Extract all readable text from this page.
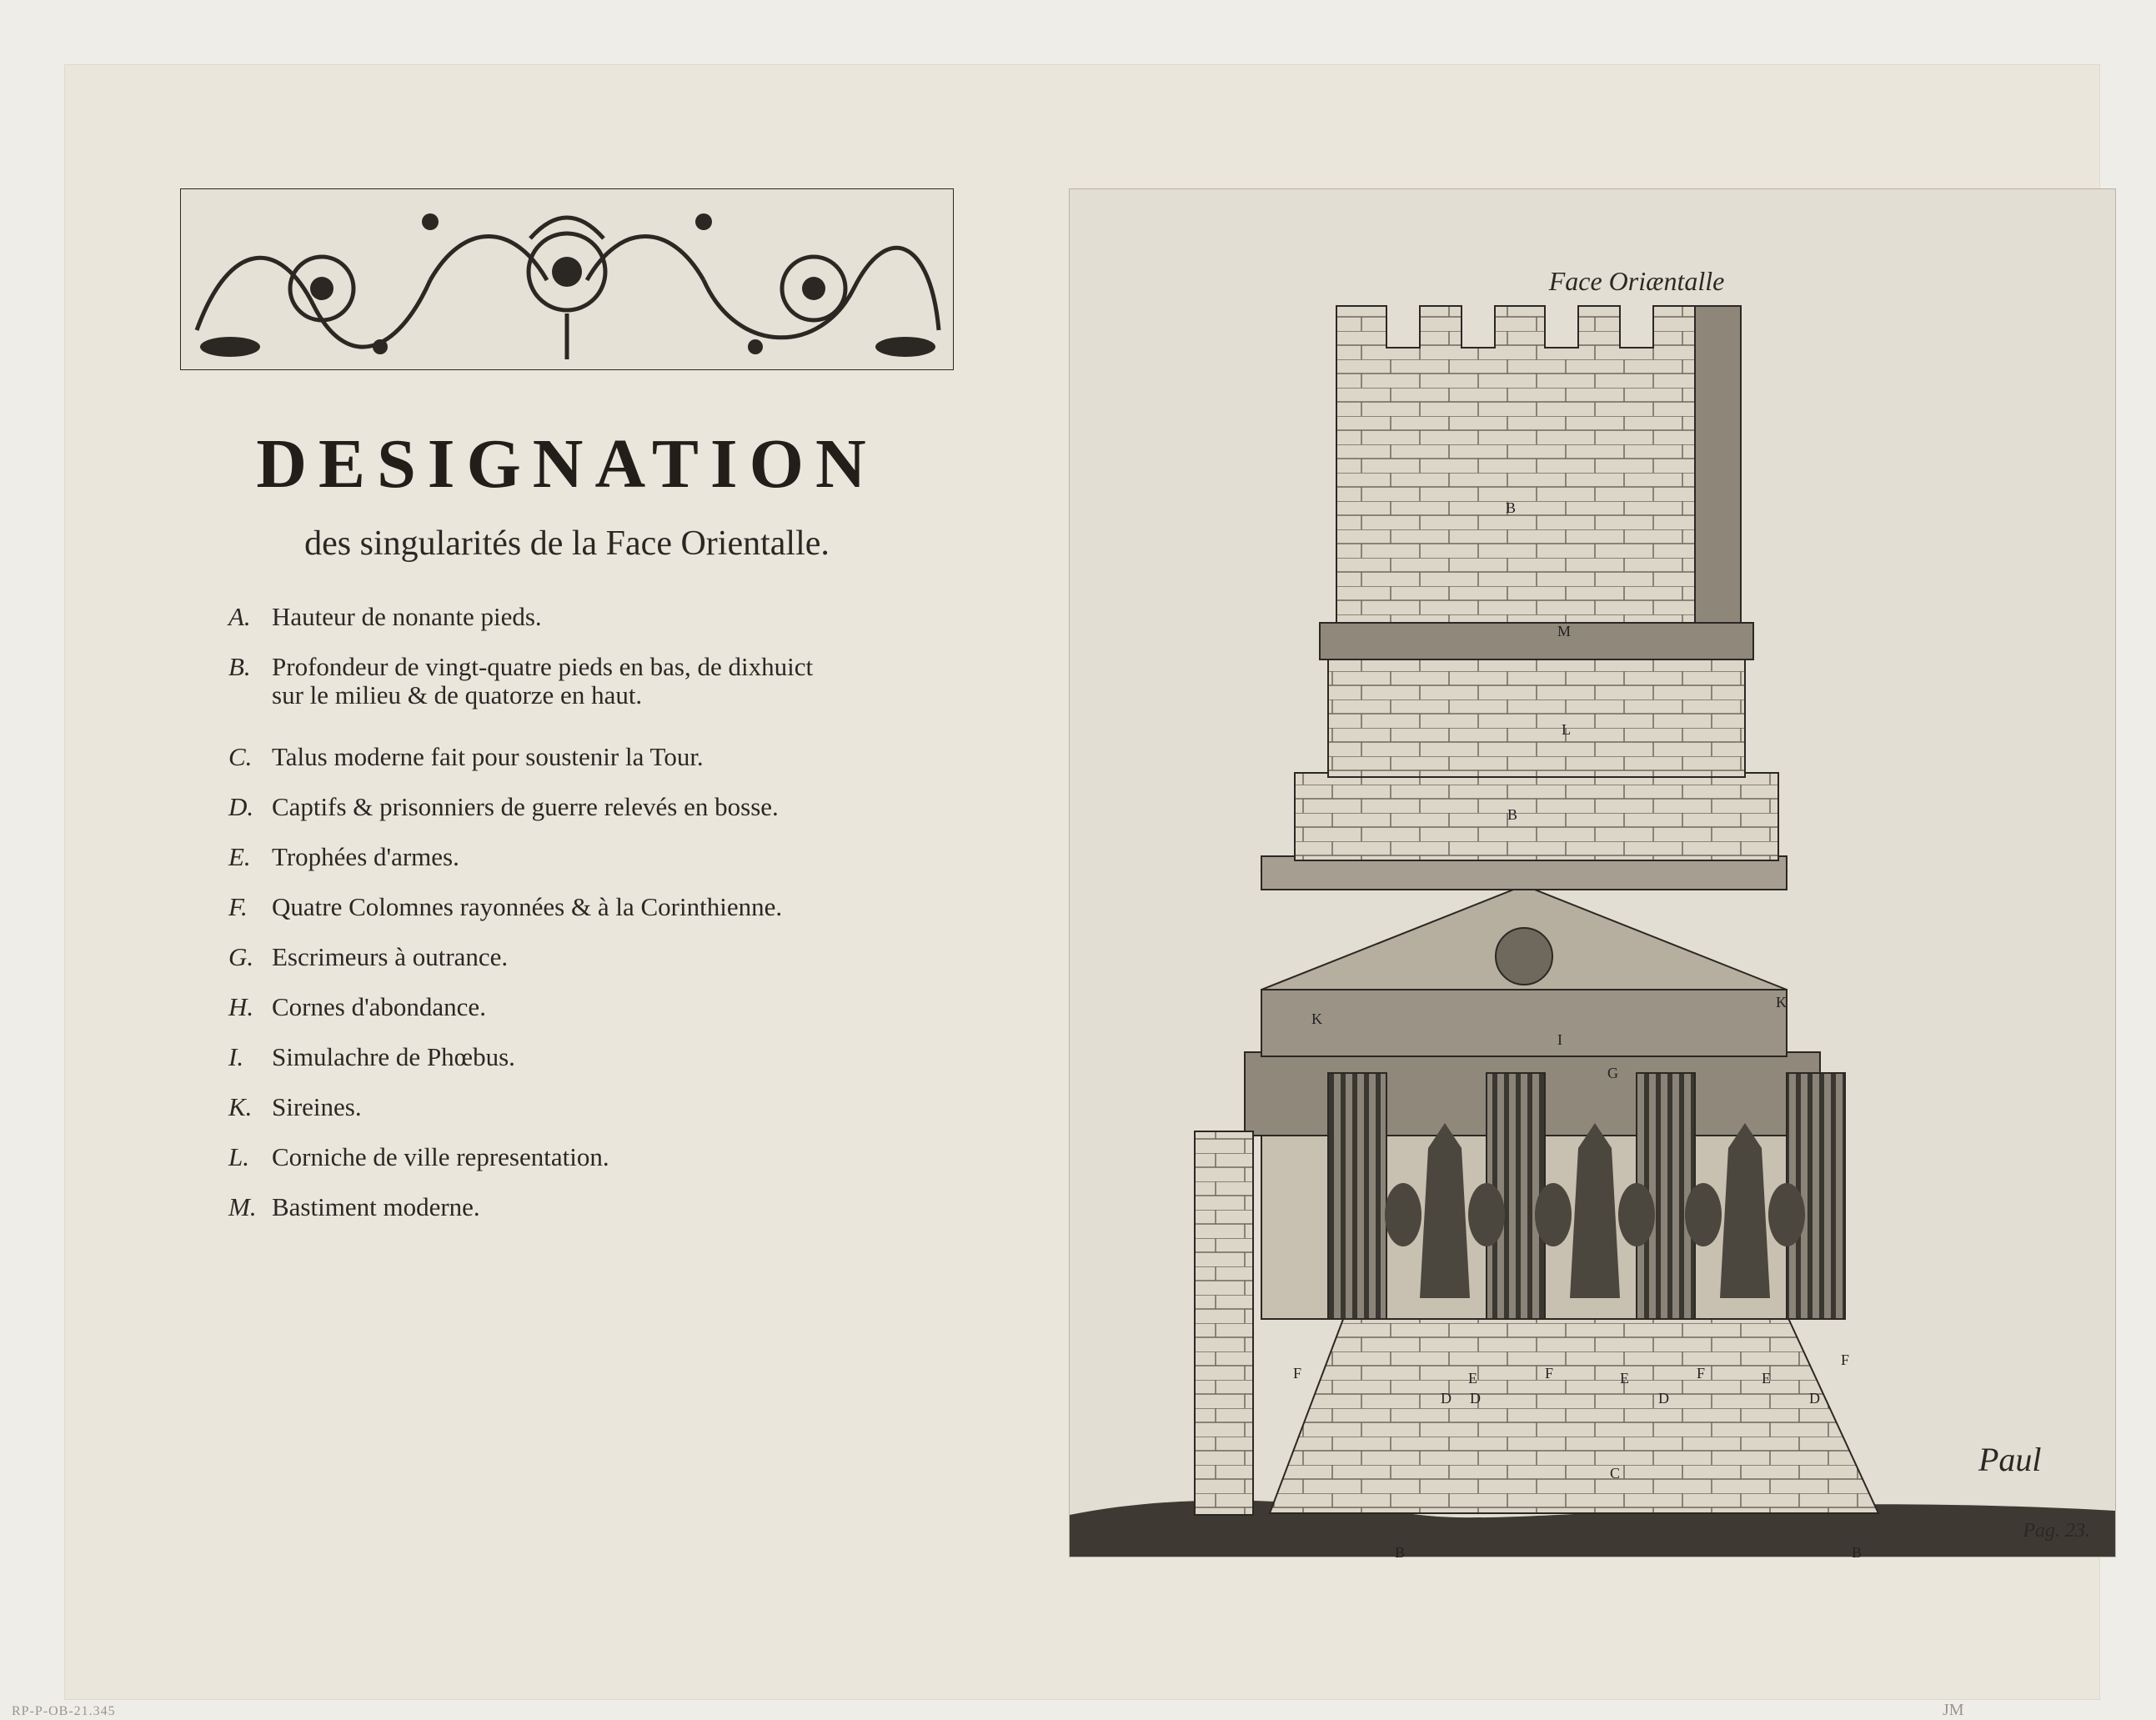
DESIGNATION

des singularités de la Face Orientalle.

A. Hauteur de nonante pieds.
B. Profondeur de vingt-quatre pieds en bas, de dixhuict
sur le milieu & de quatorze en haut.
C. Talus moderne fait pour soustenir la Tour.
D. Captifs & prisonniers de guerre relevés en bosse.
E. Trophées d'armes.
F. Quatre Colomnes rayonnées & à la Corinthienne.
G. Escrimeurs à outrance.
H. Cornes d'abondance.
I.	Simulachre de Phœbus.
K. Sireines.
L. Corniche de ville representation.
M. Bastiment moderne.
Face Oriæntalle
B
M
L
B
K
K
I
G
F
D
E
D
F	E
D
F	E
D
F
C
B	B
Paul
Pag. 23.
RP-P-OB-21.345	JM
